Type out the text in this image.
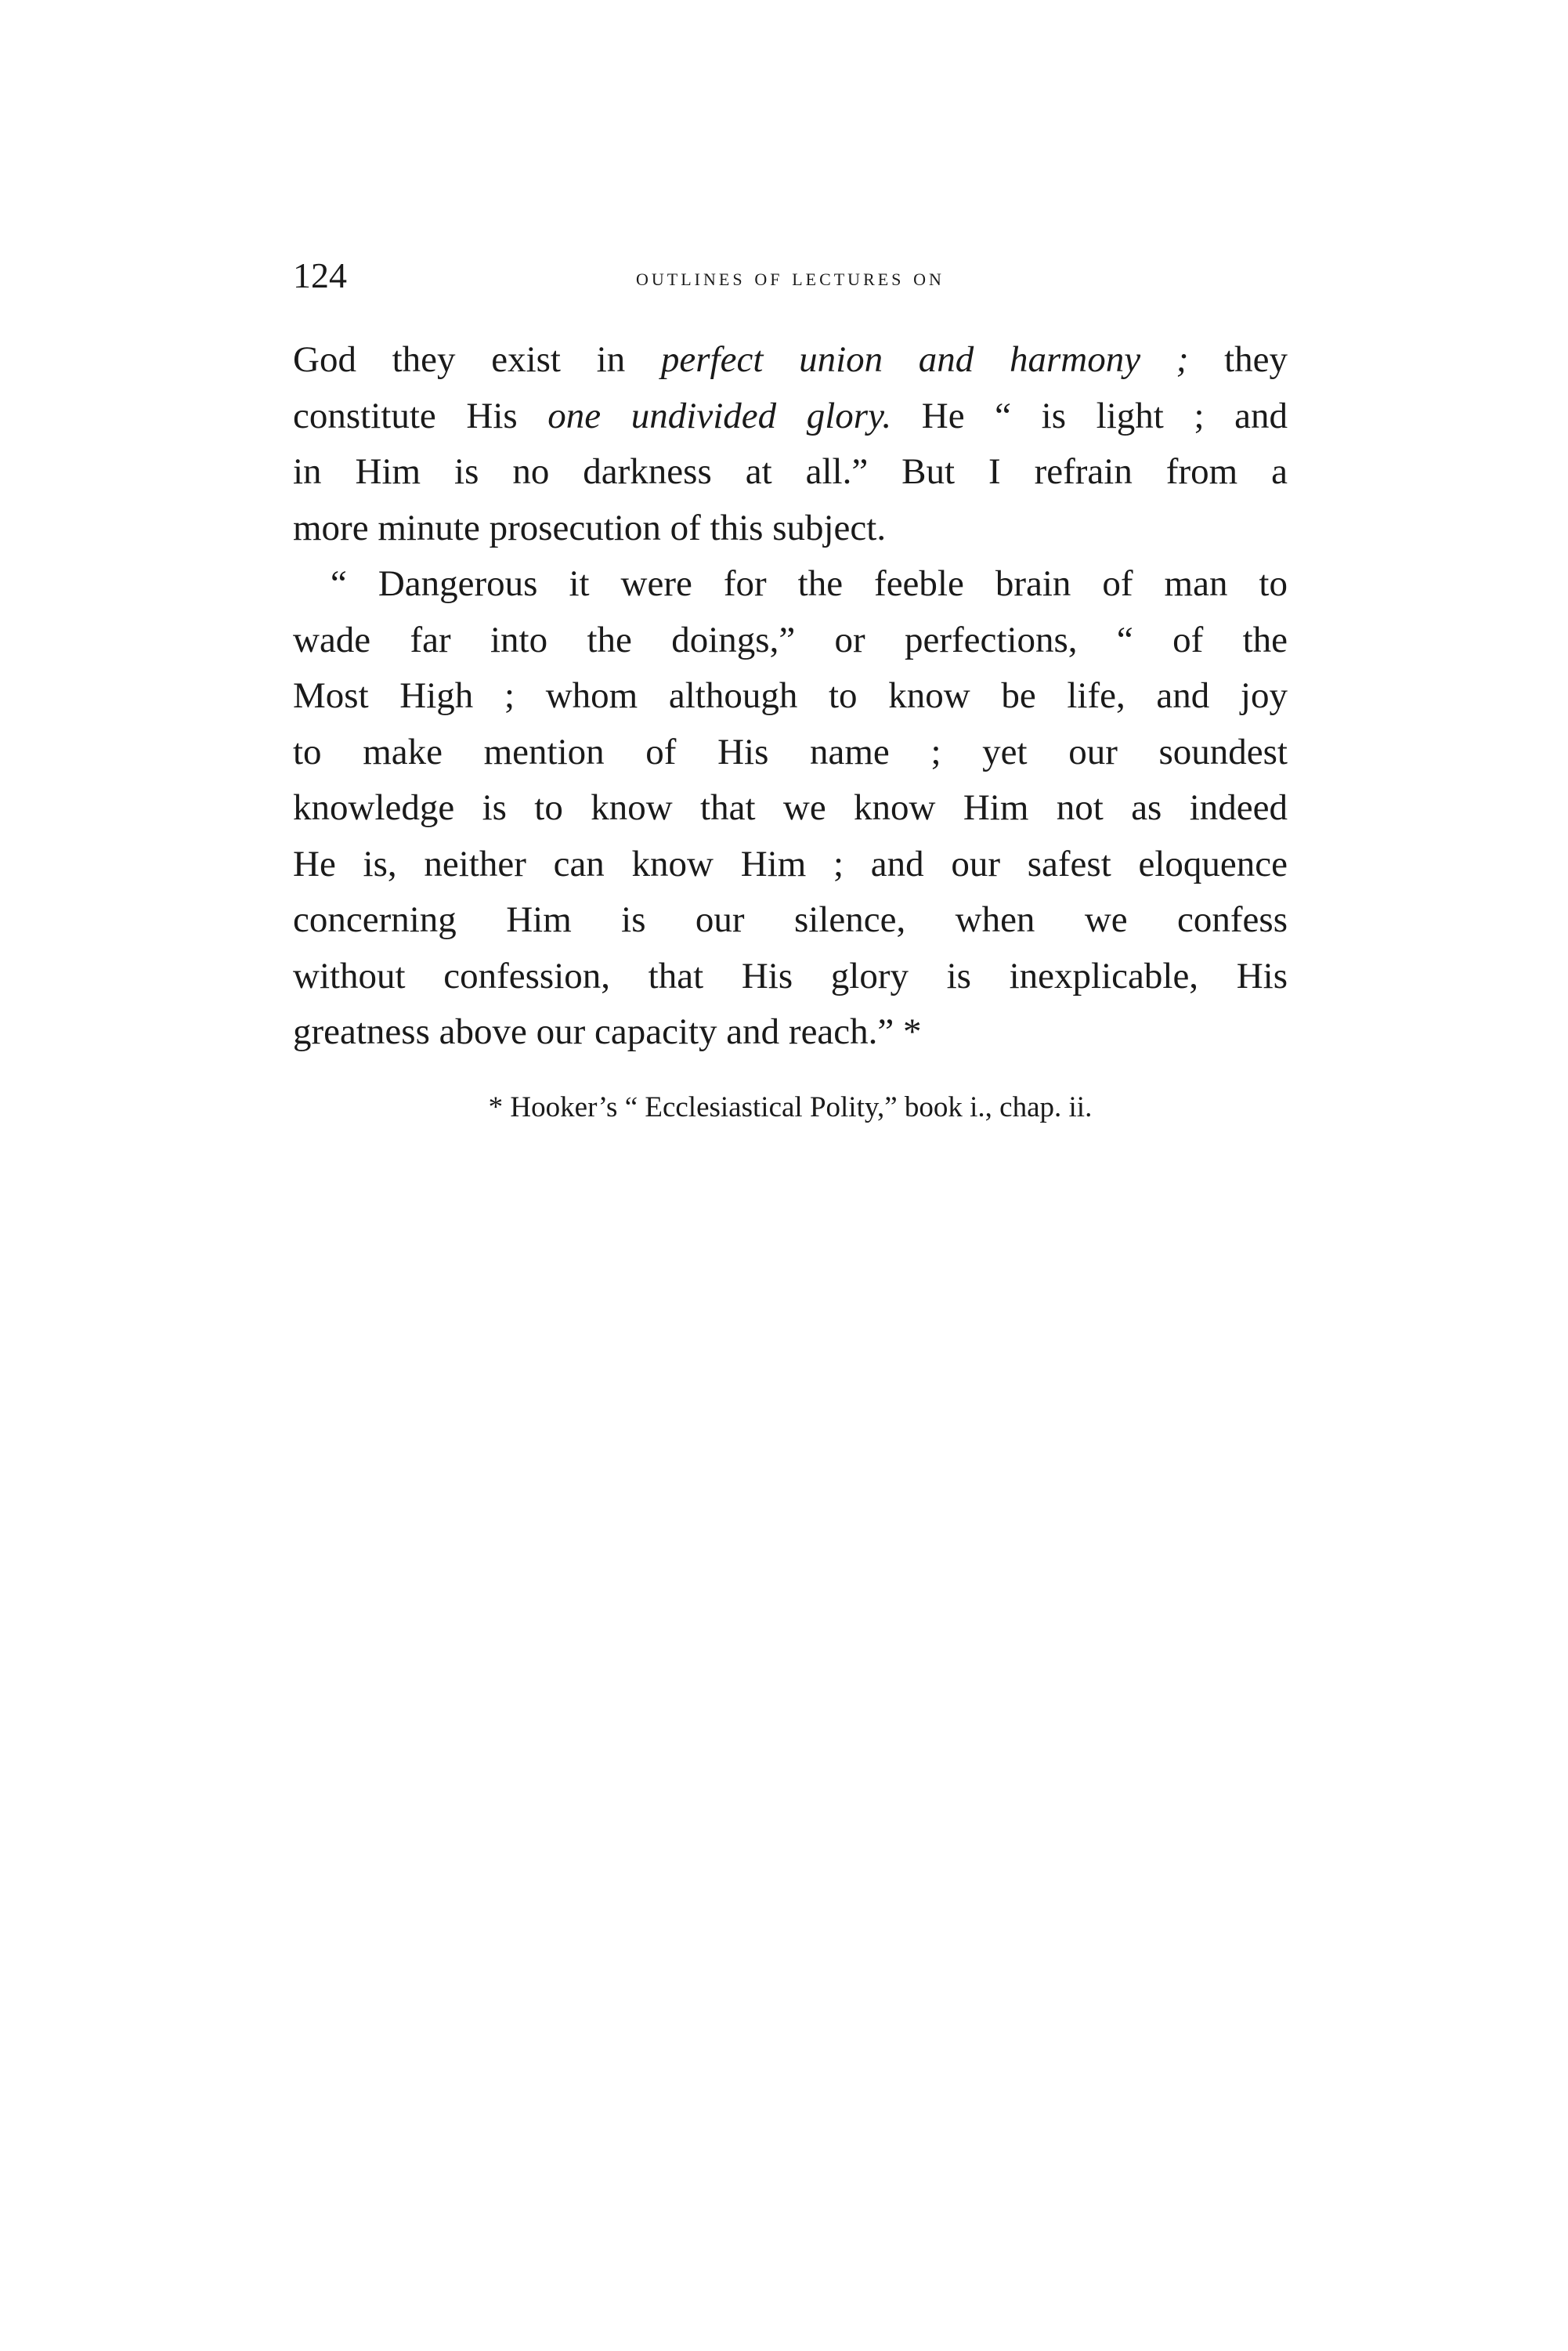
124	outlines of lectures on
God they exist in perfect union and harmony ; they
constitute His one undivided glory. He “ is light ; and
in Him is no darkness at all.” But I refrain from a
more minute prosecution of this subject.
“ Dangerous it were for the feeble brain of man to
wade far into the doings,” or perfections, “ of the
Most High ; whom although to know be life, and joy
to make mention of His name ; yet our soundest
knowledge is to know that we know Him not as indeed
He is, neither can know Him ; and our safest eloquence
concerning Him is our silence, when we confess
without confession, that His glory is inexplicable, His
greatness above our capacity and reach.” *
* Hooker’s “ Ecclesiastical Polity,” book i., chap. ii.
